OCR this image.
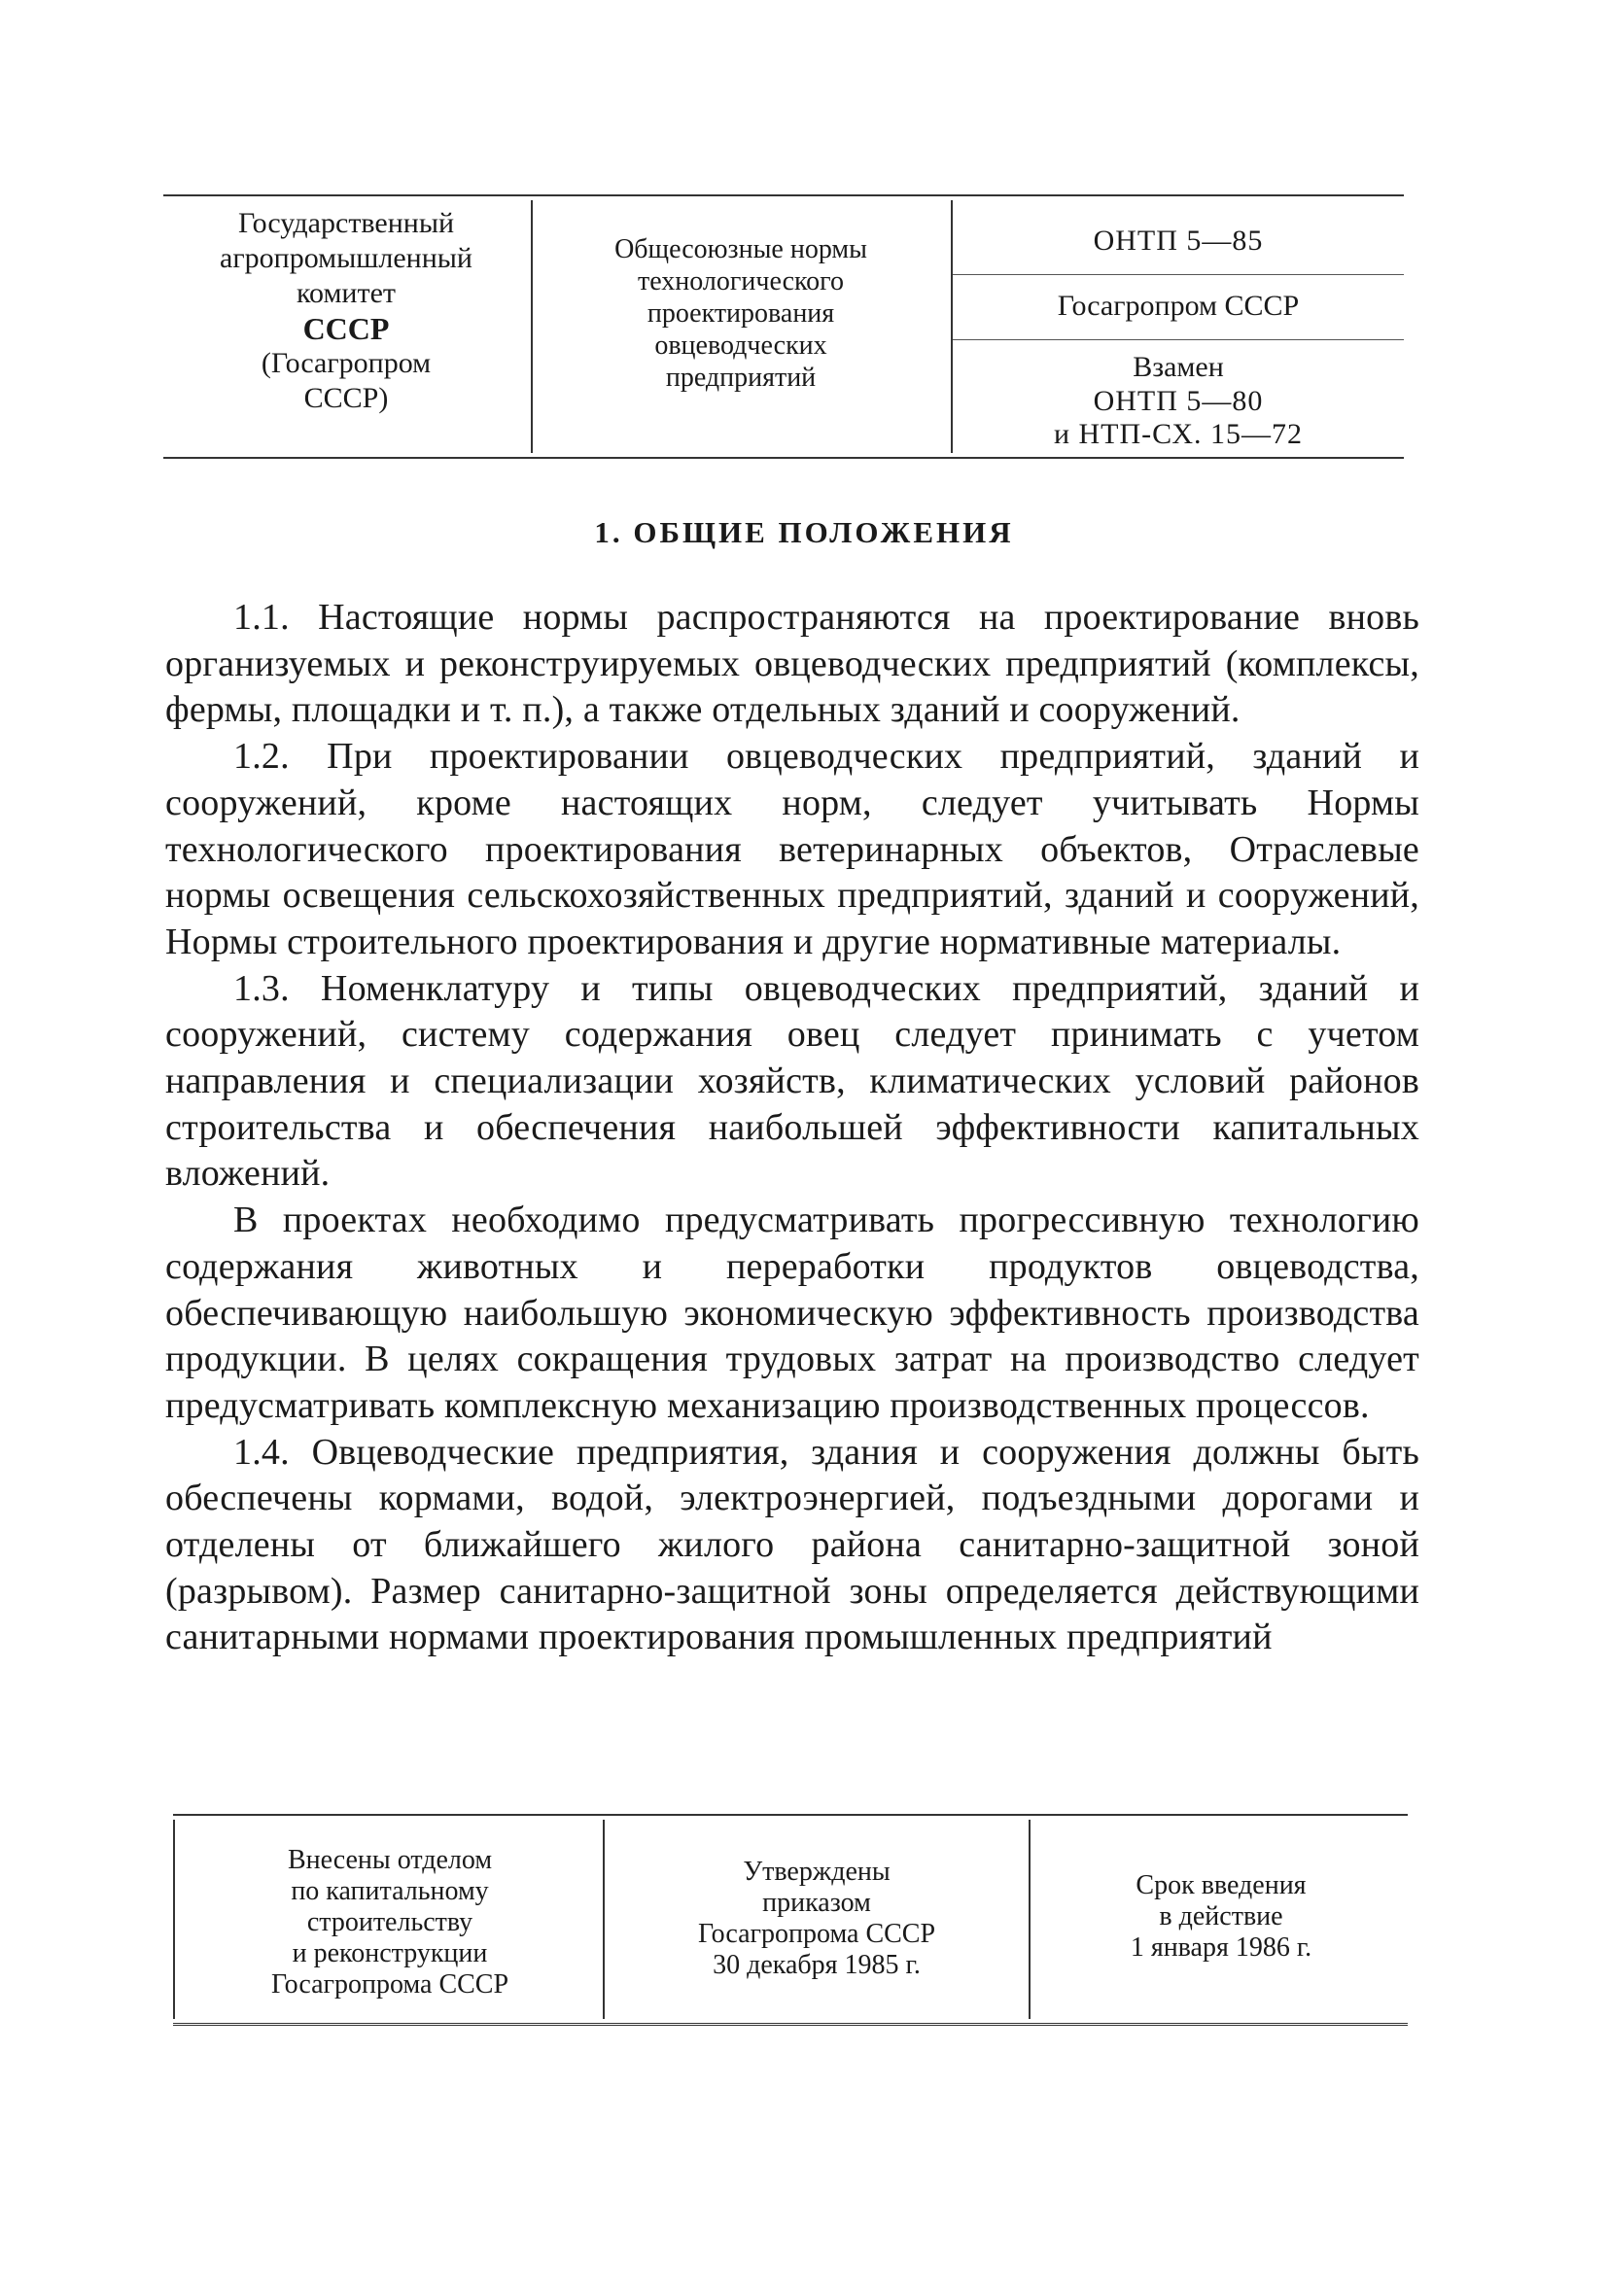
Государственный
агропромышленный
комитет
СССР
(Госагропром
СССР)
Общесоюзные нормы
технологического
проектирования
овцеводческих
предприятий
ОНТП 5—85
Госагропром СССР
Взамен
ОНТП 5—80
и НТП-СХ. 15—72
1. ОБЩИЕ ПОЛОЖЕНИЯ

1.1. Настоящие нормы распространяются на проектирование вновь организуемых и реконструируемых овцеводческих предприятий (комплексы, фермы, площадки и т. п.), а также отдельных зданий и сооружений.

1.2. При проектировании овцеводческих предприятий, зданий и сооружений, кроме настоящих норм, следует учитывать Нормы технологического проектирования ветеринарных объектов, Отраслевые нормы освещения сельскохозяйственных предприятий, зданий и сооружений, Нормы строительного проектирования и другие нормативные материалы.

1.3. Номенклатуру и типы овцеводческих предприятий, зданий и сооружений, систему содержания овец следует принимать с учетом направления и специализации хозяйств, климатических условий районов строительства и обеспечения наибольшей эффективности капитальных вложений.

В проектах необходимо предусматривать прогрессивную технологию содержания животных и переработки продуктов овцеводства, обеспечивающую наибольшую экономическую эффективность производства продукции. В целях сокращения трудовых затрат на производство следует предусматривать комплексную механизацию производственных процессов.

1.4. Овцеводческие предприятия, здания и сооружения должны быть обеспечены кормами, водой, электроэнергией, подъездными дорогами и отделены от ближайшего жилого района санитарно-защитной зоной (разрывом). Размер санитарно-защитной зоны определяется действующими санитарными нормами проектирования промышленных предприятий

Внесены отделом
по капитальному
строительству
и реконструкции
Госагропрома СССР
Утверждены
приказом
Госагропрома СССР
30 декабря 1985 г.
Срок введения
в действие
1 января 1986 г.
